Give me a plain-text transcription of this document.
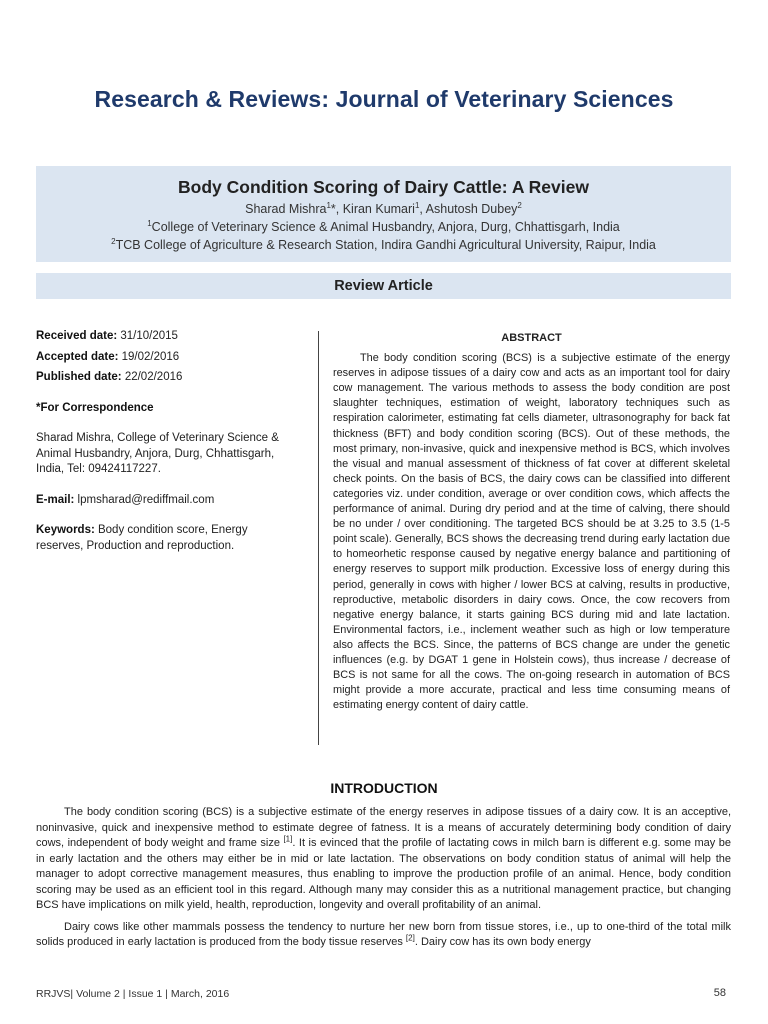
Research & Reviews: Journal of Veterinary Sciences
Body Condition Scoring of Dairy Cattle: A Review
Sharad Mishra$^1$*, Kiran Kumari$^1$, Ashutosh Dubey$^2$
$^1$College of Veterinary Science & Animal Husbandry, Anjora, Durg, Chhattisgarh, India
$^2$TCB College of Agriculture & Research Station, Indira Gandhi Agricultural University, Raipur, India
Review Article
Received date: 31/10/2015
Accepted date: 19/02/2016
Published date: 22/02/2016
*For Correspondence
Sharad Mishra, College of Veterinary Science & Animal Husbandry, Anjora, Durg, Chhattisgarh, India, Tel: 09424117227.
E-mail: lpmsharad@rediffmail.com
Keywords: Body condition score, Energy reserves, Production and reproduction.
ABSTRACT

The body condition scoring (BCS) is a subjective estimate of the energy reserves in adipose tissues of a dairy cow and acts as an important tool for dairy cow management. The various methods to assess the body condition are post slaughter techniques, estimation of weight, laboratory techniques such as respiration calorimeter, estimating fat cells diameter, ultrasonography for back fat thickness (BFT) and body condition scoring (BCS). Out of these methods, the most primary, non-invasive, quick and inexpensive method is BCS, which involves the visual and manual assessment of thickness of fat cover at different skeletal check points. On the basis of BCS, the dairy cows can be classified into different categories viz. under condition, average or over condition cows, which affects the performance of animal. During dry period and at the time of calving, there should be no under / over conditioning. The targeted BCS should be at 3.25 to 3.5 (1-5 point scale). Generally, BCS shows the decreasing trend during early lactation due to homeorhetic response caused by negative energy balance and partitioning of energy reserves to support milk production. Excessive loss of energy during this period, generally in cows with higher / lower BCS at calving, results in productive, reproductive, metabolic disorders in dairy cows. Once, the cow recovers from negative energy balance, it starts gaining BCS during mid and late lactation. Environmental factors, i.e., inclement weather such as high or low temperature also affects the BCS. Since, the patterns of BCS change are under the genetic influences (e.g. by DGAT 1 gene in Holstein cows), thus increase / decrease of BCS is not same for all the cows. The on-going research in automation of BCS might provide a more accurate, practical and less time consuming means of estimating energy content of dairy cattle.

INTRODUCTION

The body condition scoring (BCS) is a subjective estimate of the energy reserves in adipose tissues of a dairy cow. It is an acceptive, noninvasive, quick and inexpensive method to estimate degree of fatness. It is a means of accurately determining body condition of dairy cows, independent of body weight and frame size [1]. It is evinced that the profile of lactating cows in milch barn is different e.g. some may be in early lactation and the others may either be in mid or late lactation. The observations on body condition status of animal will help the manager to adopt corrective management measures, thus enabling to improve the production profile of an animal. Hence, body condition scoring may be used as an efficient tool in this regard. Although many may consider this as a nutritional management practice, but changing BCS have implications on milk yield, health, reproduction, longevity and overall profitability of an animal.

Dairy cows like other mammals possess the tendency to nurture her new born from tissue stores, i.e., up to one-third of the total milk solids produced in early lactation is produced from the body tissue reserves [2]. Dairy cow has its own body energy

RRJVS| Volume 2 | Issue 1 | March, 2016	58
